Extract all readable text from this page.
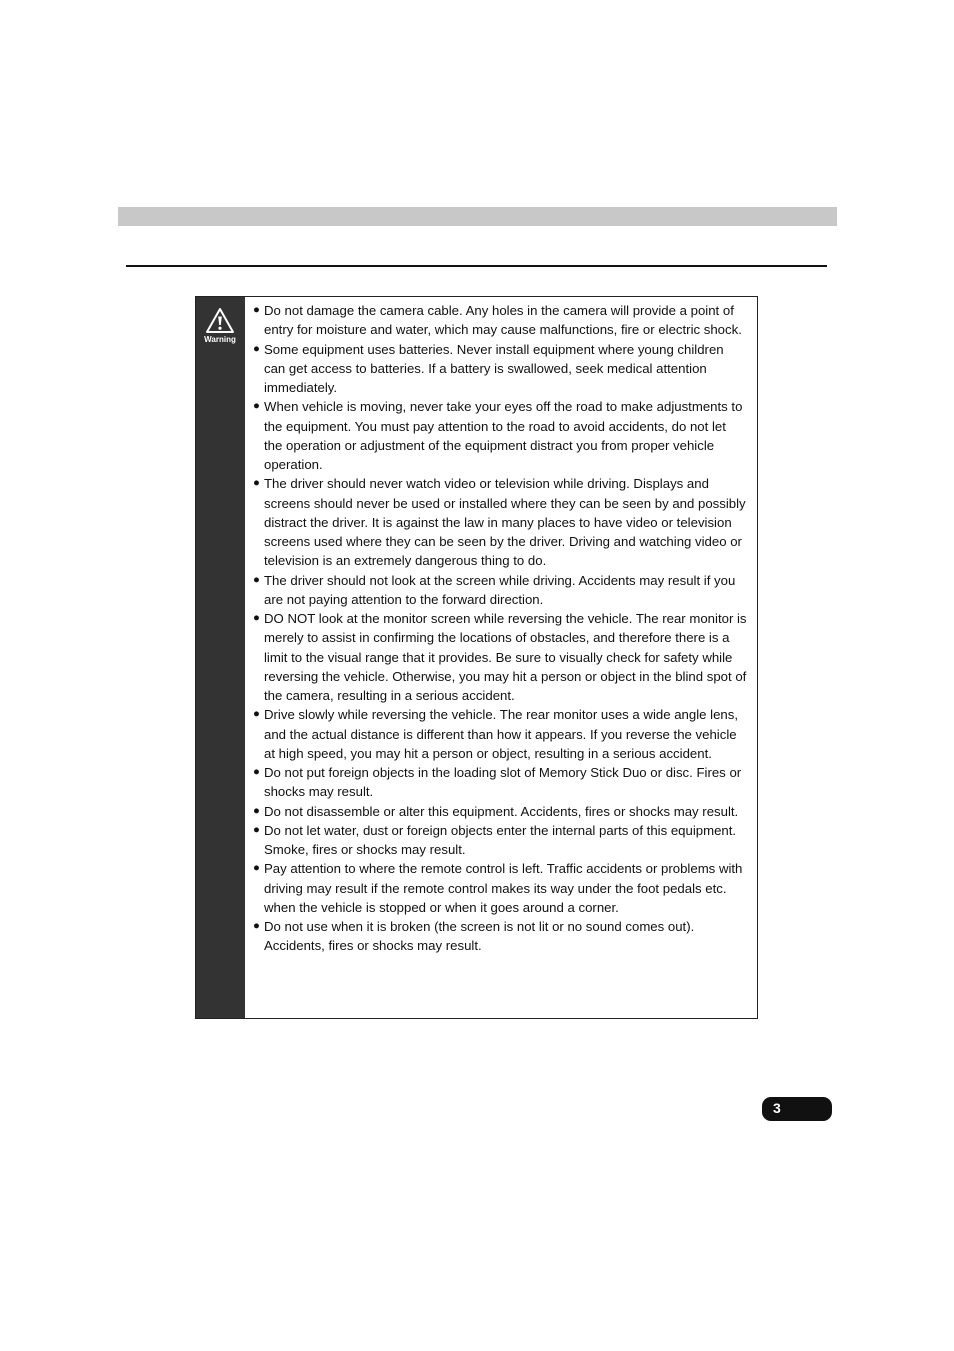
Warning
● Do not damage the camera cable. Any holes in the camera will provide a point of entry for moisture and water, which may cause malfunctions, fire or electric shock.
● Some equipment uses batteries. Never install equipment where young children can get access to batteries. If a battery is swallowed, seek medical attention immediately.
● When vehicle is moving, never take your eyes off the road to make adjustments to the equipment. You must pay attention to the road to avoid accidents, do not let the operation or adjustment of the equipment distract you from proper vehicle operation.
● The driver should never watch video or television while driving. Displays and screens should never be used or installed where they can be seen by and possibly distract the driver. It is against the law in many places to have video or television screens used where they can be seen by the driver. Driving and watching video or television is an extremely dangerous thing to do.
● The driver should not look at the screen while driving. Accidents may result if you are not paying attention to the forward direction.
● DO NOT look at the monitor screen while reversing the vehicle. The rear monitor is merely to assist in confirming the locations of obstacles, and therefore there is a limit to the visual range that it provides. Be sure to visually check for safety while reversing the vehicle. Otherwise, you may hit a person or object in the blind spot of the camera, resulting in a serious accident.
● Drive slowly while reversing the vehicle. The rear monitor uses a wide angle lens, and the actual distance is different than how it appears. If you reverse the vehicle at high speed, you may hit a person or object, resulting in a serious accident.
● Do not put foreign objects in the loading slot of Memory Stick Duo or disc. Fires or shocks may result.
● Do not disassemble or alter this equipment. Accidents, fires or shocks may result.
● Do not let water, dust or foreign objects enter the internal parts of this equipment. Smoke, fires or shocks may result.
● Pay attention to where the remote control is left. Traffic accidents or problems with driving may result if the remote control makes its way under the foot pedals etc. when the vehicle is stopped or when it goes around a corner.
● Do not use when it is broken (the screen is not lit or no sound comes out). Accidents, fires or shocks may result.
3
